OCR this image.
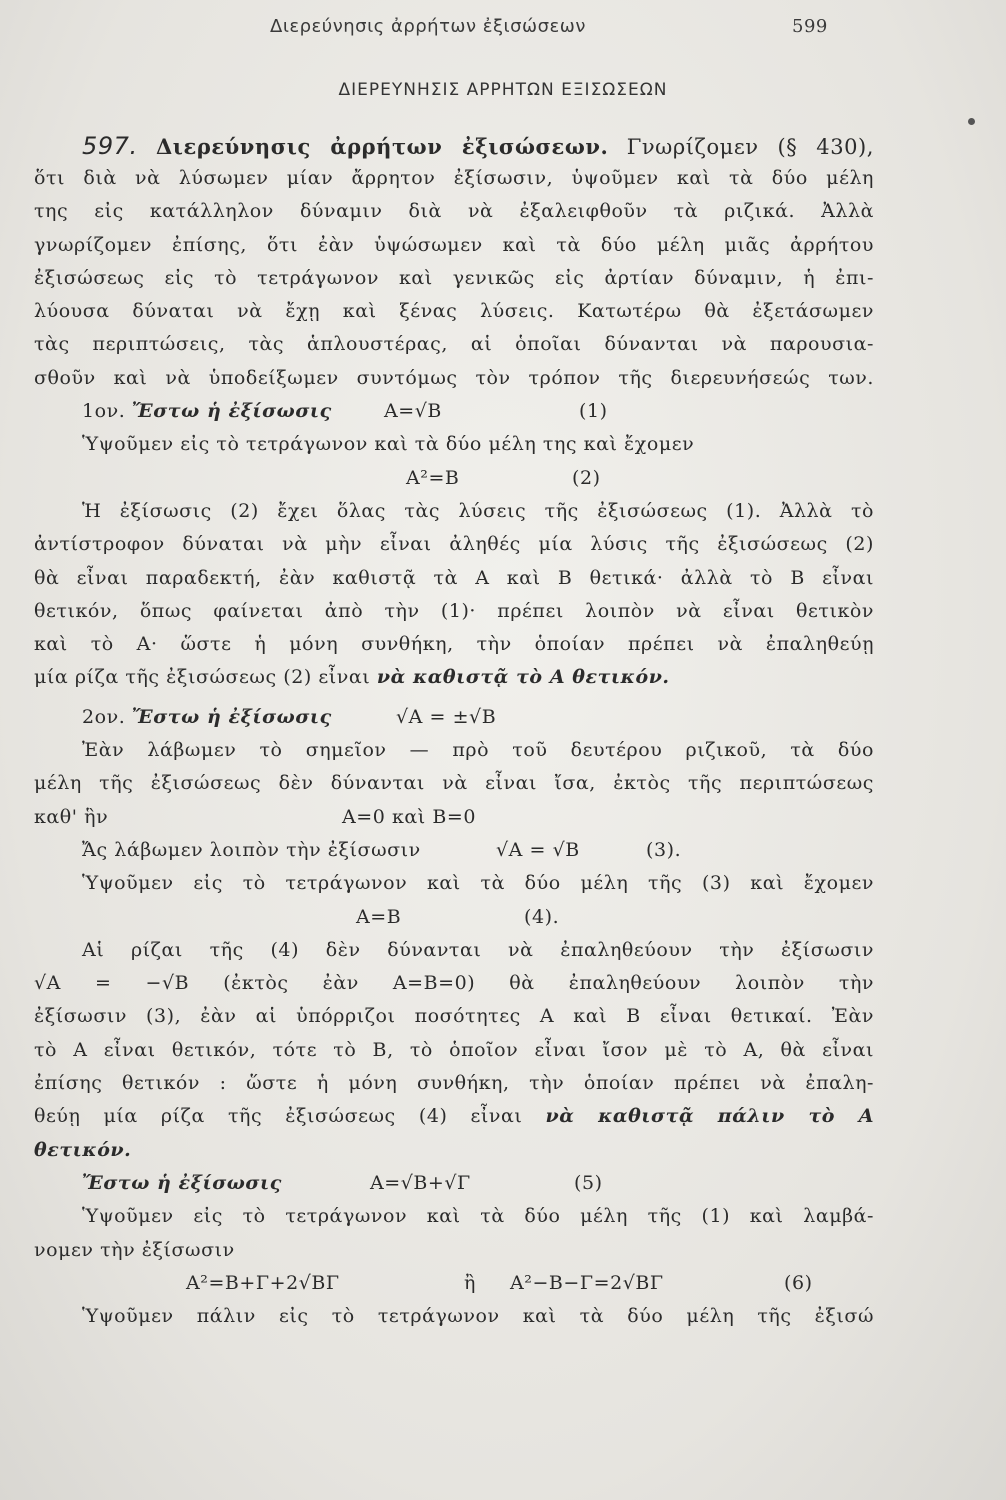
Διερεύνησις ἀρρήτων ἐξισώσεων	599
ΔΙΕΡΕΥΝΗΣΙΣ ΑΡΡΗΤΩΝ ΕΞΙΣΩΣΕΩΝ
597. Διερεύνησις ἀρρήτων ἐξισώσεων. Γνωρίζομεν (§ 430),
ὅτι διὰ νὰ λύσωμεν μίαν ἄρρητον ἐξίσωσιν, ὑψοῦμεν καὶ τὰ δύο μέλη
της εἰς κατάλληλον δύναμιν διὰ νὰ ἐξαλειφθοῦν τὰ ριζικά. Ἀλλὰ
γνωρίζομεν ἐπίσης, ὅτι ἐὰν ὑψώσωμεν καὶ τὰ δύο μέλη μιᾶς ἀρρήτου
ἐξισώσεως εἰς τὸ τετράγωνον καὶ γενικῶς εἰς ἀρτίαν δύναμιν, ἡ ἐπι-
λύουσα δύναται νὰ ἔχῃ καὶ ξένας λύσεις. Κατωτέρω θὰ ἐξετάσωμεν
τὰς περιπτώσεις, τὰς ἁπλουστέρας, αἱ ὁποῖαι δύνανται νὰ παρουσια-
σθοῦν καὶ νὰ ὑποδείξωμεν συντόμως τὸν τρόπον τῆς διερευνήσεώς των.
1ον. Ἔστω ἡ ἐξίσωσις	A=√B	(1)
Ὑψοῦμεν εἰς τὸ τετράγωνον καὶ τὰ δύο μέλη της καὶ ἔχομεν
A²=B	(2)
Ἡ ἐξίσωσις (2) ἔχει ὅλας τὰς λύσεις τῆς ἐξισώσεως (1). Ἀλλὰ τὸ
ἀντίστροφον δύναται νὰ μὴν εἶναι ἀληθές μία λύσις τῆς ἐξισώσεως (2)
θὰ εἶναι παραδεκτή, ἐὰν καθιστᾷ τὰ A καὶ B θετικά· ἀλλὰ τὸ B εἶναι
θετικόν, ὅπως φαίνεται ἀπὸ τὴν (1)· πρέπει λοιπὸν νὰ εἶναι θετικὸν
καὶ τὸ A· ὥστε ἡ μόνη συνθήκη, τὴν ὁποίαν πρέπει νὰ ἐπαληθεύῃ
μία ρίζα τῆς ἐξισώσεως (2) εἶναι νὰ καθιστᾷ τὸ A θετικόν.
2ον. Ἔστω ἡ ἐξίσωσις	√A = ±√B
Ἐὰν λάβωμεν τὸ σημεῖον — πρὸ τοῦ δευτέρου ριζικοῦ, τὰ δύο
μέλη τῆς ἐξισώσεως δὲν δύνανται νὰ εἶναι ἴσα, ἐκτὸς τῆς περιπτώσεως
καθ' ἣν	A=0 καὶ B=0
Ἄς λάβωμεν λοιπὸν τὴν ἐξίσωσιν	√A = √B	(3).
Ὑψοῦμεν εἰς τὸ τετράγωνον καὶ τὰ δύο μέλη τῆς (3) καὶ ἔχομεν
A=B	(4).
Αἱ ρίζαι τῆς (4) δὲν δύνανται νὰ ἐπαληθεύουν τὴν ἐξίσωσιν
√A = −√B (ἐκτὸς ἐὰν A=B=0) θὰ ἐπαληθεύουν λοιπὸν τὴν
ἐξίσωσιν (3), ἐὰν αἱ ὑπόρριζοι ποσότητες A καὶ B εἶναι θετικαί. Ἐὰν
τὸ A εἶναι θετικόν, τότε τὸ B, τὸ ὁποῖον εἶναι ἴσον μὲ τὸ A, θὰ εἶναι
ἐπίσης θετικόν : ὥστε ἡ μόνη συνθήκη, τὴν ὁποίαν πρέπει νὰ ἐπαλη-
θεύῃ μία ρίζα τῆς ἐξισώσεως (4) εἶναι νὰ καθιστᾷ πάλιν τὸ A
θετικόν.
Ἔστω ἡ ἐξίσωσις	A=√B+√Γ	(5)
Ὑψοῦμεν εἰς τὸ τετράγωνον καὶ τὰ δύο μέλη τῆς (1) καὶ λαμβά-
νομεν τὴν ἐξίσωσιν
A²=B+Γ+2√BΓ	ἢ A²−B−Γ=2√BΓ	(6)
Ὑψοῦμεν πάλιν εἰς τὸ τετράγωνον καὶ τὰ δύο μέλη τῆς ἐξισώ
